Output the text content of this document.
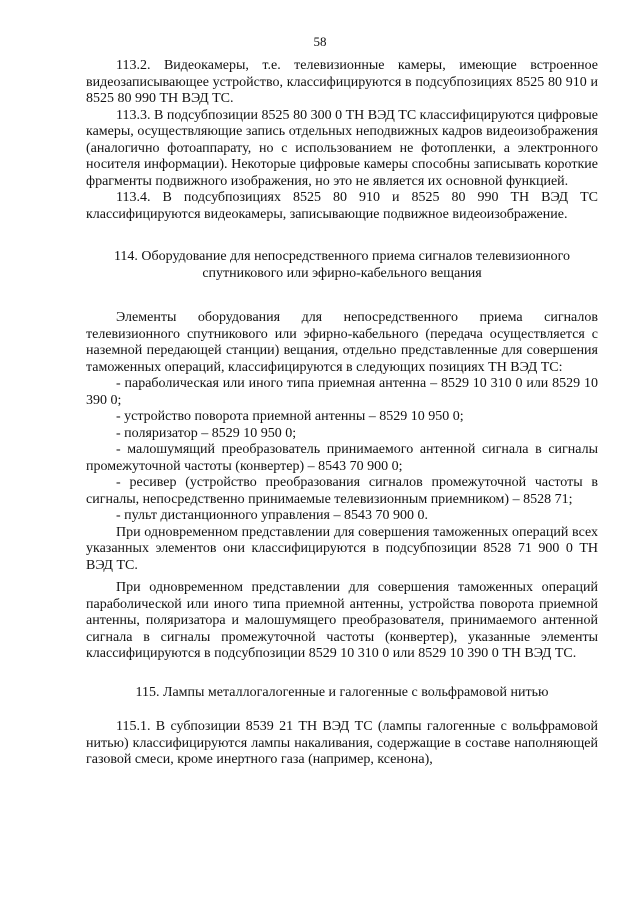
58

113.2. Видеокамеры, т.е. телевизионные камеры, имеющие встроенное видеозаписывающее устройство, классифицируются в подсубпозициях 8525 80 910 и 8525 80 990 ТН ВЭД ТС.

113.3. В подсубпозиции 8525 80 300 0 ТН ВЭД ТС классифицируются цифровые камеры, осуществляющие запись отдельных неподвижных кадров видеоизображения (аналогично фотоаппарату, но с использованием не фотопленки, а электронного носителя информации). Некоторые цифровые камеры способны записывать короткие фрагменты подвижного изображения, но это не является их основной функцией.

113.4. В подсубпозициях 8525 80 910 и 8525 80 990 ТН ВЭД ТС классифицируются видеокамеры, записывающие подвижное видеоизображение.

114. Оборудование для непосредственного приема сигналов телевизионного спутникового или эфирно-кабельного вещания

Элементы оборудования для непосредственного приема сигналов телевизионного спутникового или эфирно-кабельного (передача осуществляется с наземной передающей станции) вещания, отдельно представленные для совершения таможенных операций, классифицируются в следующих позициях ТН ВЭД ТС:

- параболическая или иного типа приемная антенна – 8529 10 310 0 или 8529 10 390 0;

- устройство поворота приемной антенны – 8529 10 950 0;

- поляризатор – 8529 10 950 0;

- малошумящий преобразователь принимаемого антенной сигнала в сигналы промежуточной частоты (конвертер) – 8543 70 900 0;

- ресивер (устройство преобразования сигналов промежуточной частоты в сигналы, непосредственно принимаемые телевизионным приемником) – 8528 71;

- пульт дистанционного управления – 8543 70 900 0.

При одновременном представлении для совершения таможенных операций всех указанных элементов они классифицируются в подсубпозиции 8528 71 900 0 ТН ВЭД ТС.

При одновременном представлении для совершения таможенных операций параболической или иного типа приемной антенны, устройства поворота приемной антенны, поляризатора и малошумящего преобразователя, принимаемого антенной сигнала в сигналы промежуточной частоты (конвертер), указанные элементы классифицируются в подсубпозиции 8529 10 310 0 или 8529 10 390 0 ТН ВЭД ТС.

115. Лампы металлогалогенные и галогенные с вольфрамовой нитью

115.1. В субпозиции 8539 21 ТН ВЭД ТС (лампы галогенные с вольфрамовой нитью) классифицируются лампы накаливания, содержащие в составе наполняющей газовой смеси, кроме инертного газа (например, ксенона),
